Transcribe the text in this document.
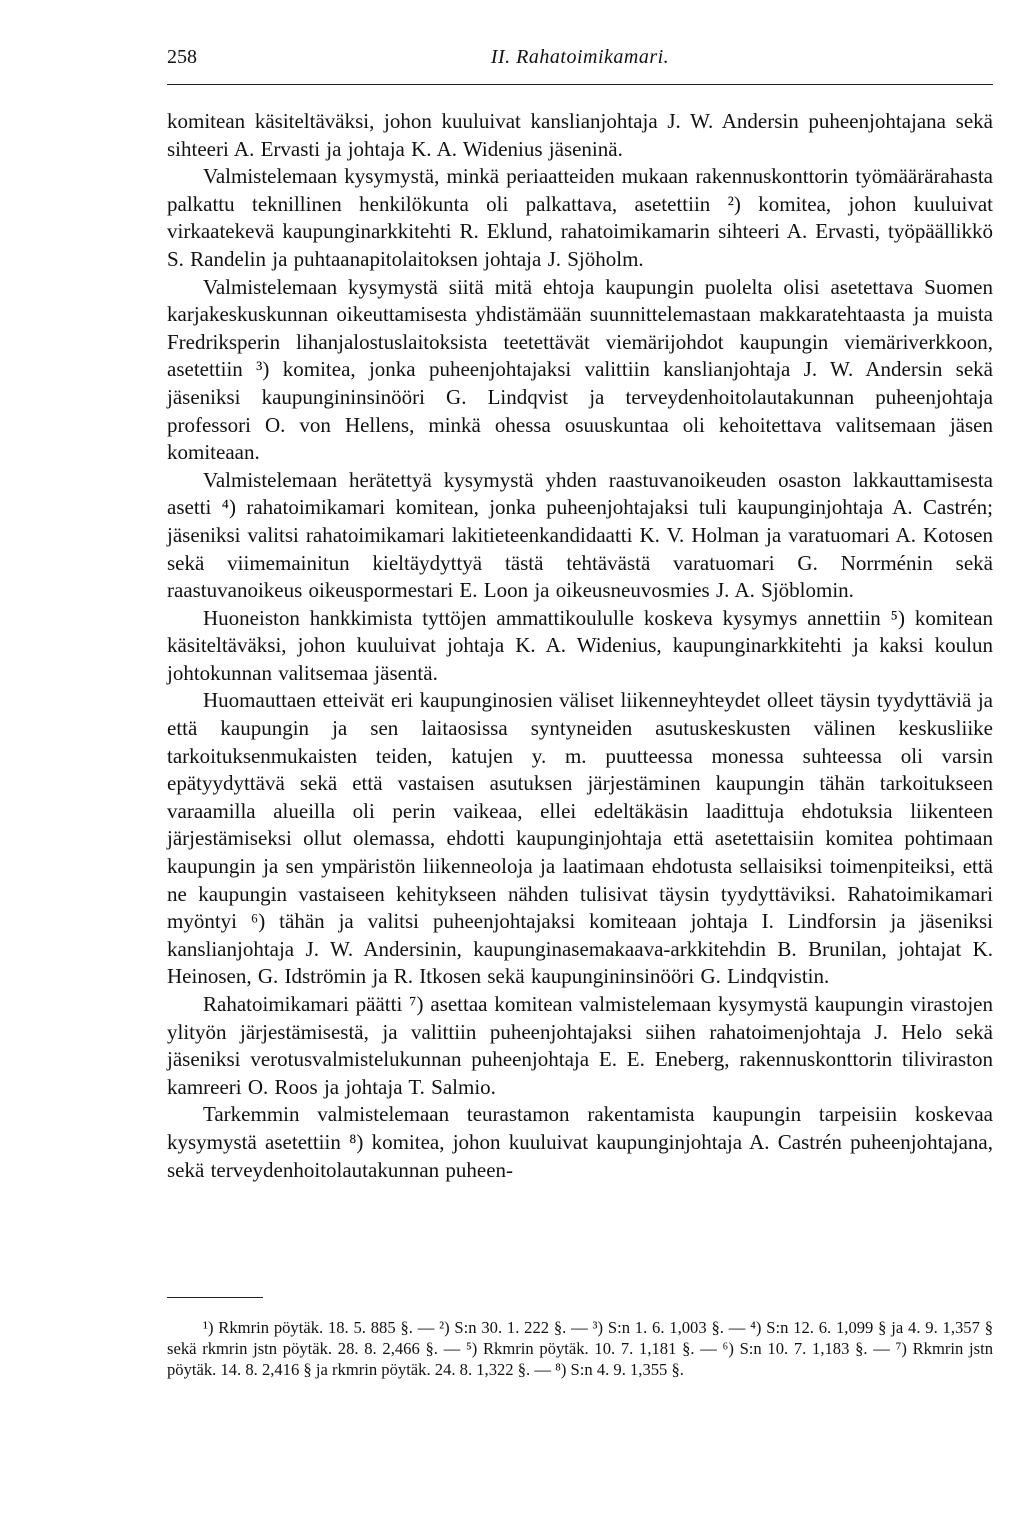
258	II. Rahatoimikamari.

komitean käsiteltäväksi, johon kuuluivat kanslianjohtaja J. W. Andersin puheenjohtajana sekä sihteeri A. Ervasti ja johtaja K. A. Widenius jäseninä.

Valmistelemaan kysymystä, minkä periaatteiden mukaan rakennuskonttorin työmäärärahasta palkattu teknillinen henkilökunta oli palkattava, asetettiin ²) komitea, johon kuuluivat virkaatekevä kaupunginarkkitehti R. Eklund, rahatoimikamarin sihteeri A. Ervasti, työpäällikkö S. Randelin ja puhtaanapitolaitoksen johtaja J. Sjöholm.

Valmistelemaan kysymystä siitä mitä ehtoja kaupungin puolelta olisi asetettava Suomen karjakeskuskunnan oikeuttamisesta yhdistämään suunnittelemastaan makkaratehtaasta ja muista Fredriksperin lihanjalostuslaitoksista teetettävät viemärijohdot kaupungin viemäriverkkoon, asetettiin ³) komitea, jonka puheenjohtajaksi valittiin kanslianjohtaja J. W. Andersin sekä jäseniksi kaupungininsinööri G. Lindqvist ja terveydenhoitolautakunnan puheenjohtaja professori O. von Hellens, minkä ohessa osuuskuntaa oli kehoitettava valitsemaan jäsen komiteaan.

Valmistelemaan herätettyä kysymystä yhden raastuvanoikeuden osaston lakkauttamisesta asetti ⁴) rahatoimikamari komitean, jonka puheenjohtajaksi tuli kaupunginjohtaja A. Castrén; jäseniksi valitsi rahatoimikamari lakitieteenkandidaatti K. V. Holman ja varatuomari A. Kotosen sekä viimemainitun kieltäydyttyä tästä tehtävästä varatuomari G. Norrménin sekä raastuvanoikeus oikeuspormestari E. Loon ja oikeusneuvosmies J. A. Sjöblomin.

Huoneiston hankkimista tyttöjen ammattikoululle koskeva kysymys annettiin ⁵) komitean käsiteltäväksi, johon kuuluivat johtaja K. A. Widenius, kaupunginarkkitehti ja kaksi koulun johtokunnan valitsemaa jäsentä.

Huomauttaen etteivät eri kaupunginosien väliset liikenneyhteydet olleet täysin tyydyttäviä ja että kaupungin ja sen laitaosissa syntyneiden asutuskeskusten välinen keskusliike tarkoituksenmukaisten teiden, katujen y. m. puutteessa monessa suhteessa oli varsin epätyydyttävä sekä että vastaisen asutuksen järjestäminen kaupungin tähän tarkoitukseen varaamilla alueilla oli perin vaikeaa, ellei edeltäkäsin laadittuja ehdotuksia liikenteen järjestämiseksi ollut olemassa, ehdotti kaupunginjohtaja että asetettaisiin komitea pohtimaan kaupungin ja sen ympäristön liikenneoloja ja laatimaan ehdotusta sellaisiksi toimenpiteiksi, että ne kaupungin vastaiseen kehitykseen nähden tulisivat täysin tyydyttäviksi. Rahatoimikamari myöntyi ⁶) tähän ja valitsi puheenjohtajaksi komiteaan johtaja I. Lindforsin ja jäseniksi kanslianjohtaja J. W. Andersinin, kaupunginasemakaava-arkkitehdin B. Brunilan, johtajat K. Heinosen, G. Idströmin ja R. Itkosen sekä kaupungininsinööri G. Lindqvistin.

Rahatoimikamari päätti ⁷) asettaa komitean valmistelemaan kysymystä kaupungin virastojen ylityön järjestämisestä, ja valittiin puheenjohtajaksi siihen rahatoimenjohtaja J. Helo sekä jäseniksi verotusvalmistelukunnan puheenjohtaja E. E. Eneberg, rakennuskonttorin tiliviraston kamreeri O. Roos ja johtaja T. Salmio.

Tarkemmin valmistelemaan teurastamon rakentamista kaupungin tarpeisiin koskevaa kysymystä asetettiin ⁸) komitea, johon kuuluivat kaupunginjohtaja A. Castrén puheenjohtajana, sekä terveydenhoitolautakunnan puheen-

¹) Rkmrin pöytäk. 18. 5. 885 §. — ²) S:n 30. 1. 222 §. — ³) S:n 1. 6. 1,003 §. — ⁴) S:n 12. 6. 1,099 § ja 4. 9. 1,357 § sekä rkmrin jstn pöytäk. 28. 8. 2,466 §. — ⁵) Rkmrin pöytäk. 10. 7. 1,181 §. — ⁶) S:n 10. 7. 1,183 §. — ⁷) Rkmrin jstn pöytäk. 14. 8. 2,416 § ja rkmrin pöytäk. 24. 8. 1,322 §. — ⁸) S:n 4. 9. 1,355 §.
